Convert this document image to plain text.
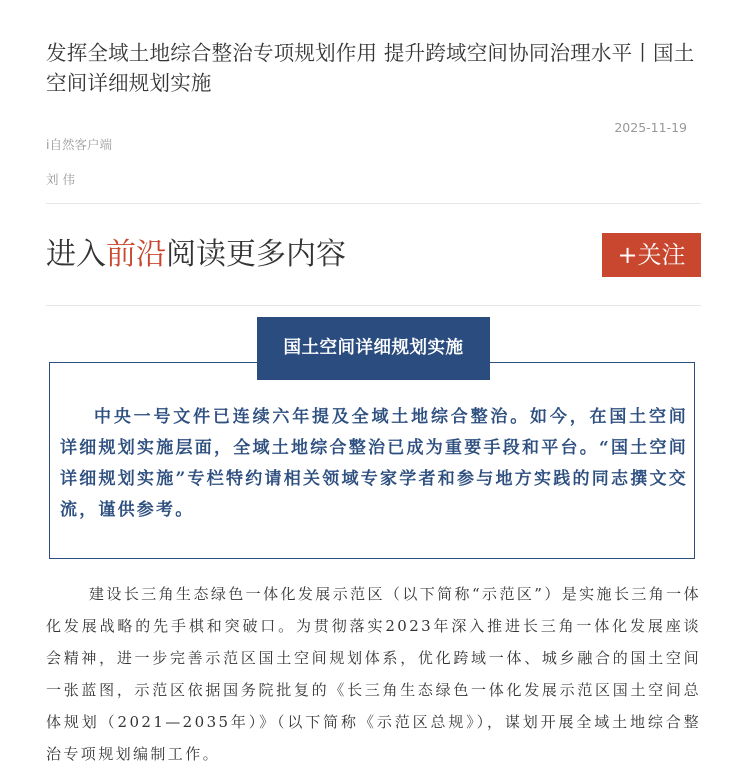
发挥全域土地综合整治专项规划作用 提升跨域空间协同治理水平丨国土空间详细规划实施
2025-11-19
i自然客户端
刘 伟
进入前沿阅读更多内容	+关注
国土空间详细规划实施

中央一号文件已连续六年提及全域土地综合整治。如今，在国土空间详细规划实施层面，全域土地综合整治已成为重要手段和平台。“国土空间详细规划实施”专栏特约请相关领域专家学者和参与地方实践的同志撰文交流，谨供参考。

建设长三角生态绿色一体化发展示范区（以下简称“示范区”）是实施长三角一体化发展战略的先手棋和突破口。为贯彻落实2023年深入推进长三角一体化发展座谈会精神，进一步完善示范区国土空间规划体系，优化跨域一体、城乡融合的国土空间一张蓝图，示范区依据国务院批复的《长三角生态绿色一体化发展示范区国土空间总体规划（2021—2035年）》（以下简称《示范区总规》），谋划开展全域土地综合整治专项规划编制工作。
